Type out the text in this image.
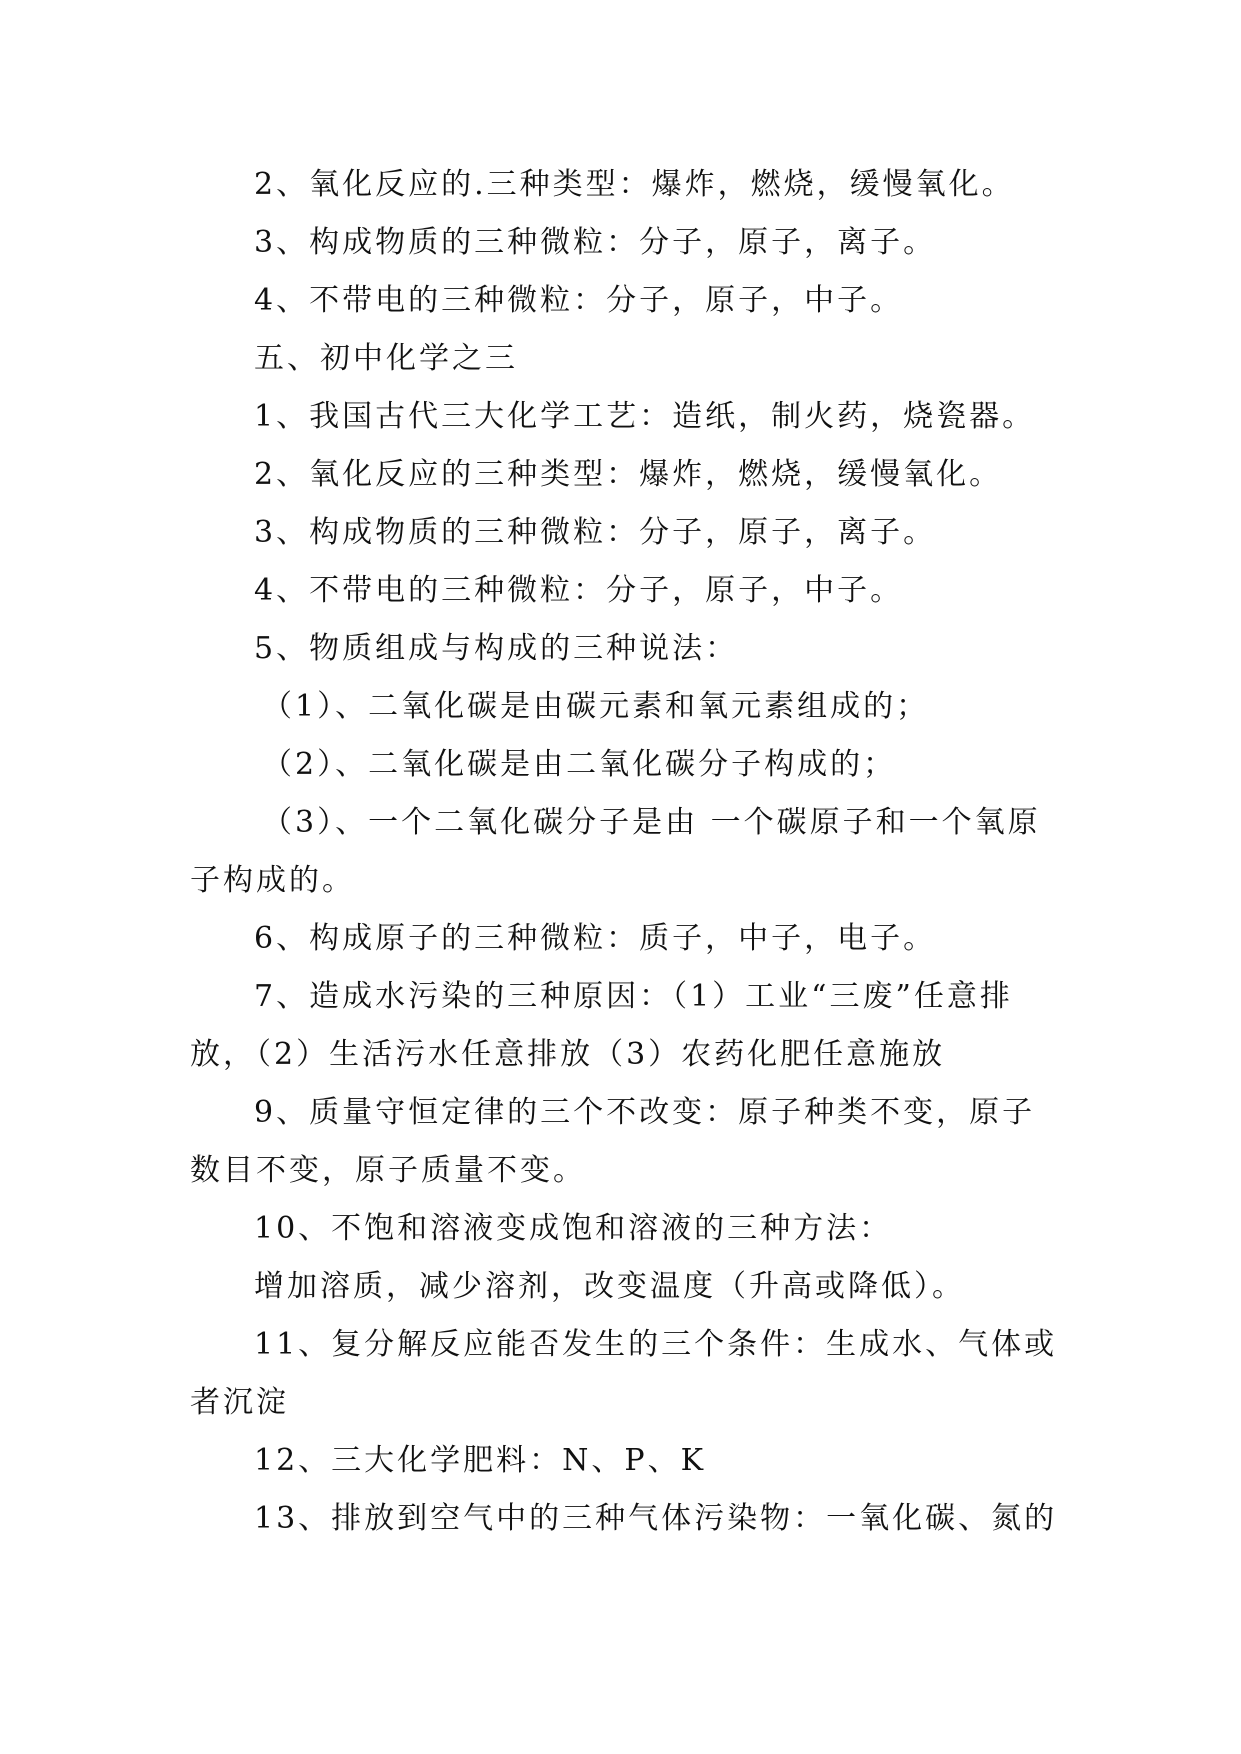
2、氧化反应的.三种类型：爆炸，燃烧，缓慢氧化。
3、构成物质的三种微粒：分子，原子，离子。
4、不带电的三种微粒：分子，原子，中子。
五、初中化学之三
1、我国古代三大化学工艺：造纸，制火药，烧瓷器。
2、氧化反应的三种类型：爆炸，燃烧，缓慢氧化。
3、构成物质的三种微粒：分子，原子，离子。
4、不带电的三种微粒：分子，原子，中子。
5、物质组成与构成的三种说法：
（1）、二氧化碳是由碳元素和氧元素组成的；
（2）、二氧化碳是由二氧化碳分子构成的；
（3）、一个二氧化碳分子是由 一个碳原子和一个氧原
子构成的。
6、构成原子的三种微粒：质子，中子，电子。
7、造成水污染的三种原因：（1）工业“三废”任意排
放，（2）生活污水任意排放（3）农药化肥任意施放
9、质量守恒定律的三个不改变：原子种类不变，原子
数目不变，原子质量不变。
10、不饱和溶液变成饱和溶液的三种方法：
增加溶质，减少溶剂，改变温度（升高或降低）。
11、复分解反应能否发生的三个条件：生成水、气体或
者沉淀
12、三大化学肥料：N、P、K
13、排放到空气中的三种气体污染物：一氧化碳、氮的
